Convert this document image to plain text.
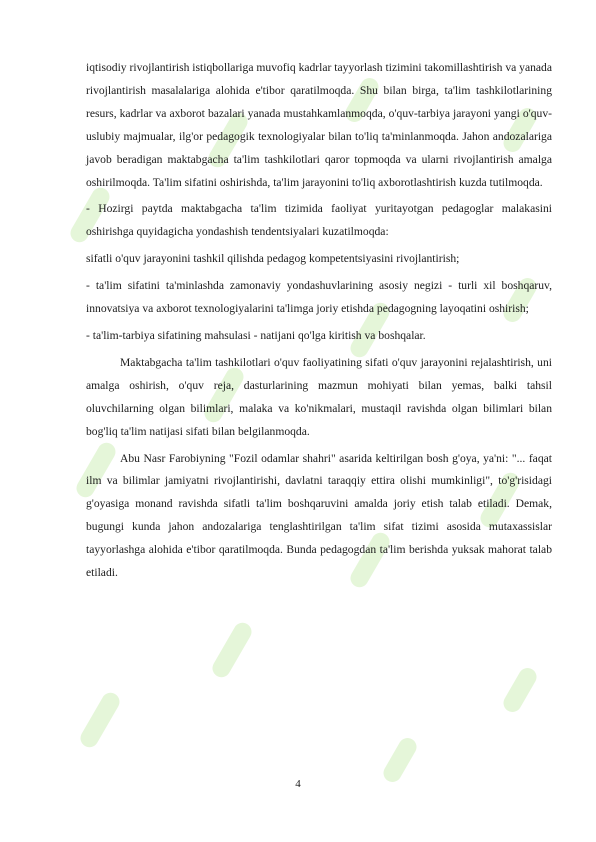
iqtisodiy rivojlantirish istiqbollariga muvofiq kadrlar tayyorlash tizimini takomillashtirish va yanada rivojlantirish masalalariga alohida e'tibor qaratilmoqda. Shu bilan birga, ta'lim tashkilotlarining resurs, kadrlar va axborot bazalari yanada mustahkamlanmoqda, o'quv-tarbiya jarayoni yangi o'quv-uslubiy majmualar, ilg'or pedagogik texnologiyalar bilan to'liq ta'minlanmoqda. Jahon andozalariga javob beradigan maktabgacha ta'lim tashkilotlari qaror topmoqda va ularni rivojlantirish amalga oshirilmoqda. Ta'lim sifatini oshirishda, ta'lim jarayonini to'liq axborotlashtirish kuzda tutilmoqda.

- Hozirgi paytda maktabgacha ta'lim tizimida faoliyat yuritayotgan pedagoglar malakasini oshirishga quyidagicha yondashish tendentsiyalari kuzatilmoqda:

sifatli o'quv jarayonini tashkil qilishda pedagog kompetentsiyasini rivojlantirish;

- ta'lim sifatini ta'minlashda zamonaviy yondashuvlarining asosiy negizi - turli xil boshqaruv, innovatsiya va axborot texnologiyalarini ta'limga joriy etishda pedagogning layoqatini oshirish;

- ta'lim-tarbiya sifatining mahsulasi - natijani qo'lga kiritish va boshqalar.

Maktabgacha ta'lim tashkilotlari o'quv faoliyatining sifati o'quv jarayonini rejalashtirish, uni amalga oshirish, o'quv reja, dasturlarining mazmun mohiyati bilan yemas, balki tahsil oluvchilarning olgan bilimlari, malaka va ko'nikmalari, mustaqil ravishda olgan bilimlari bilan bog'liq ta'lim natijasi sifati bilan belgilanmoqda.

Abu Nasr Farobiyning "Fozil odamlar shahri" asarida keltirilgan bosh g'oya, ya'ni: "... faqat ilm va bilimlar jamiyatni rivojlantirishi, davlatni taraqqiy ettira olishi mumkinligi", to'g'risidagi g'oyasiga monand ravishda sifatli ta'lim boshqaruvini amalda joriy etish talab etiladi. Demak, bugungi kunda jahon andozalariga tenglashtirilgan ta'lim sifat tizimi asosida mutaxassislar tayyorlashga alohida e'tibor qaratilmoqda. Bunda pedagogdan ta'lim berishda yuksak mahorat talab etiladi.

4
